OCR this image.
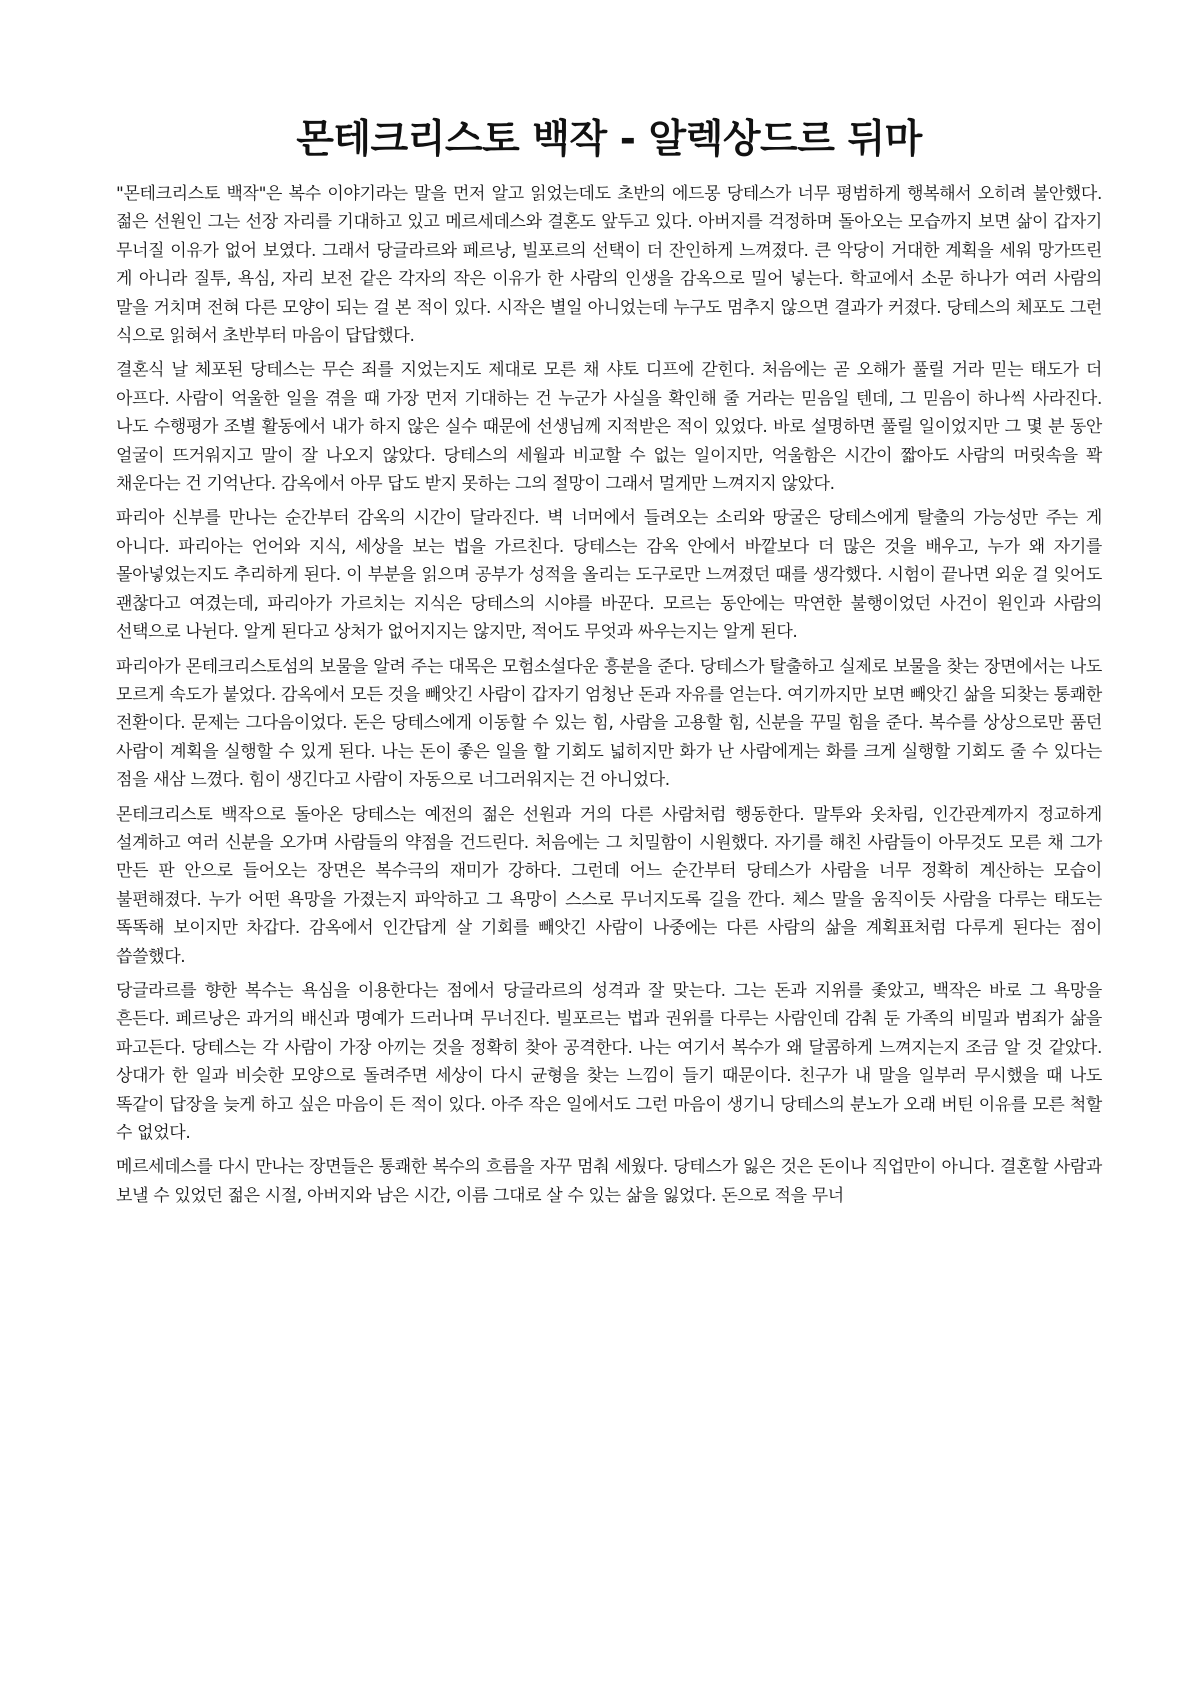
몬테크리스토 백작 - 알렉상드르 뒤마

"몬테크리스토 백작"은 복수 이야기라는 말을 먼저 알고 읽었는데도 초반의 에드몽 당테스가 너무 평범하게 행복해서 오히려 불안했다. 젊은 선원인 그는 선장 자리를 기대하고 있고 메르세데스와 결혼도 앞두고 있다. 아버지를 걱정하며 돌아오는 모습까지 보면 삶이 갑자기 무너질 이유가 없어 보였다. 그래서 당글라르와 페르낭, 빌포르의 선택이 더 잔인하게 느껴졌다. 큰 악당이 거대한 계획을 세워 망가뜨린 게 아니라 질투, 욕심, 자리 보전 같은 각자의 작은 이유가 한 사람의 인생을 감옥으로 밀어 넣는다. 학교에서 소문 하나가 여러 사람의 말을 거치며 전혀 다른 모양이 되는 걸 본 적이 있다. 시작은 별일 아니었는데 누구도 멈추지 않으면 결과가 커졌다. 당테스의 체포도 그런 식으로 읽혀서 초반부터 마음이 답답했다.

결혼식 날 체포된 당테스는 무슨 죄를 지었는지도 제대로 모른 채 샤토 디프에 갇힌다. 처음에는 곧 오해가 풀릴 거라 믿는 태도가 더 아프다. 사람이 억울한 일을 겪을 때 가장 먼저 기대하는 건 누군가 사실을 확인해 줄 거라는 믿음일 텐데, 그 믿음이 하나씩 사라진다. 나도 수행평가 조별 활동에서 내가 하지 않은 실수 때문에 선생님께 지적받은 적이 있었다. 바로 설명하면 풀릴 일이었지만 그 몇 분 동안 얼굴이 뜨거워지고 말이 잘 나오지 않았다. 당테스의 세월과 비교할 수 없는 일이지만, 억울함은 시간이 짧아도 사람의 머릿속을 꽉 채운다는 건 기억난다. 감옥에서 아무 답도 받지 못하는 그의 절망이 그래서 멀게만 느껴지지 않았다.

파리아 신부를 만나는 순간부터 감옥의 시간이 달라진다. 벽 너머에서 들려오는 소리와 땅굴은 당테스에게 탈출의 가능성만 주는 게 아니다. 파리아는 언어와 지식, 세상을 보는 법을 가르친다. 당테스는 감옥 안에서 바깥보다 더 많은 것을 배우고, 누가 왜 자기를 몰아넣었는지도 추리하게 된다. 이 부분을 읽으며 공부가 성적을 올리는 도구로만 느껴졌던 때를 생각했다. 시험이 끝나면 외운 걸 잊어도 괜찮다고 여겼는데, 파리아가 가르치는 지식은 당테스의 시야를 바꾼다. 모르는 동안에는 막연한 불행이었던 사건이 원인과 사람의 선택으로 나뉜다. 알게 된다고 상처가 없어지지는 않지만, 적어도 무엇과 싸우는지는 알게 된다.

파리아가 몬테크리스토섬의 보물을 알려 주는 대목은 모험소설다운 흥분을 준다. 당테스가 탈출하고 실제로 보물을 찾는 장면에서는 나도 모르게 속도가 붙었다. 감옥에서 모든 것을 빼앗긴 사람이 갑자기 엄청난 돈과 자유를 얻는다. 여기까지만 보면 빼앗긴 삶을 되찾는 통쾌한 전환이다. 문제는 그다음이었다. 돈은 당테스에게 이동할 수 있는 힘, 사람을 고용할 힘, 신분을 꾸밀 힘을 준다. 복수를 상상으로만 품던 사람이 계획을 실행할 수 있게 된다. 나는 돈이 좋은 일을 할 기회도 넓히지만 화가 난 사람에게는 화를 크게 실행할 기회도 줄 수 있다는 점을 새삼 느꼈다. 힘이 생긴다고 사람이 자동으로 너그러워지는 건 아니었다.

몬테크리스토 백작으로 돌아온 당테스는 예전의 젊은 선원과 거의 다른 사람처럼 행동한다. 말투와 옷차림, 인간관계까지 정교하게 설계하고 여러 신분을 오가며 사람들의 약점을 건드린다. 처음에는 그 치밀함이 시원했다. 자기를 해친 사람들이 아무것도 모른 채 그가 만든 판 안으로 들어오는 장면은 복수극의 재미가 강하다. 그런데 어느 순간부터 당테스가 사람을 너무 정확히 계산하는 모습이 불편해졌다. 누가 어떤 욕망을 가졌는지 파악하고 그 욕망이 스스로 무너지도록 길을 깐다. 체스 말을 움직이듯 사람을 다루는 태도는 똑똑해 보이지만 차갑다. 감옥에서 인간답게 살 기회를 빼앗긴 사람이 나중에는 다른 사람의 삶을 계획표처럼 다루게 된다는 점이 씁쓸했다.

당글라르를 향한 복수는 욕심을 이용한다는 점에서 당글라르의 성격과 잘 맞는다. 그는 돈과 지위를 좇았고, 백작은 바로 그 욕망을 흔든다. 페르낭은 과거의 배신과 명예가 드러나며 무너진다. 빌포르는 법과 권위를 다루는 사람인데 감춰 둔 가족의 비밀과 범죄가 삶을 파고든다. 당테스는 각 사람이 가장 아끼는 것을 정확히 찾아 공격한다. 나는 여기서 복수가 왜 달콤하게 느껴지는지 조금 알 것 같았다. 상대가 한 일과 비슷한 모양으로 돌려주면 세상이 다시 균형을 찾는 느낌이 들기 때문이다. 친구가 내 말을 일부러 무시했을 때 나도 똑같이 답장을 늦게 하고 싶은 마음이 든 적이 있다. 아주 작은 일에서도 그런 마음이 생기니 당테스의 분노가 오래 버틴 이유를 모른 척할 수 없었다.

메르세데스를 다시 만나는 장면들은 통쾌한 복수의 흐름을 자꾸 멈춰 세웠다. 당테스가 잃은 것은 돈이나 직업만이 아니다. 결혼할 사람과 보낼 수 있었던 젊은 시절, 아버지와 남은 시간, 이름 그대로 살 수 있는 삶을 잃었다. 돈으로 적을 무너
